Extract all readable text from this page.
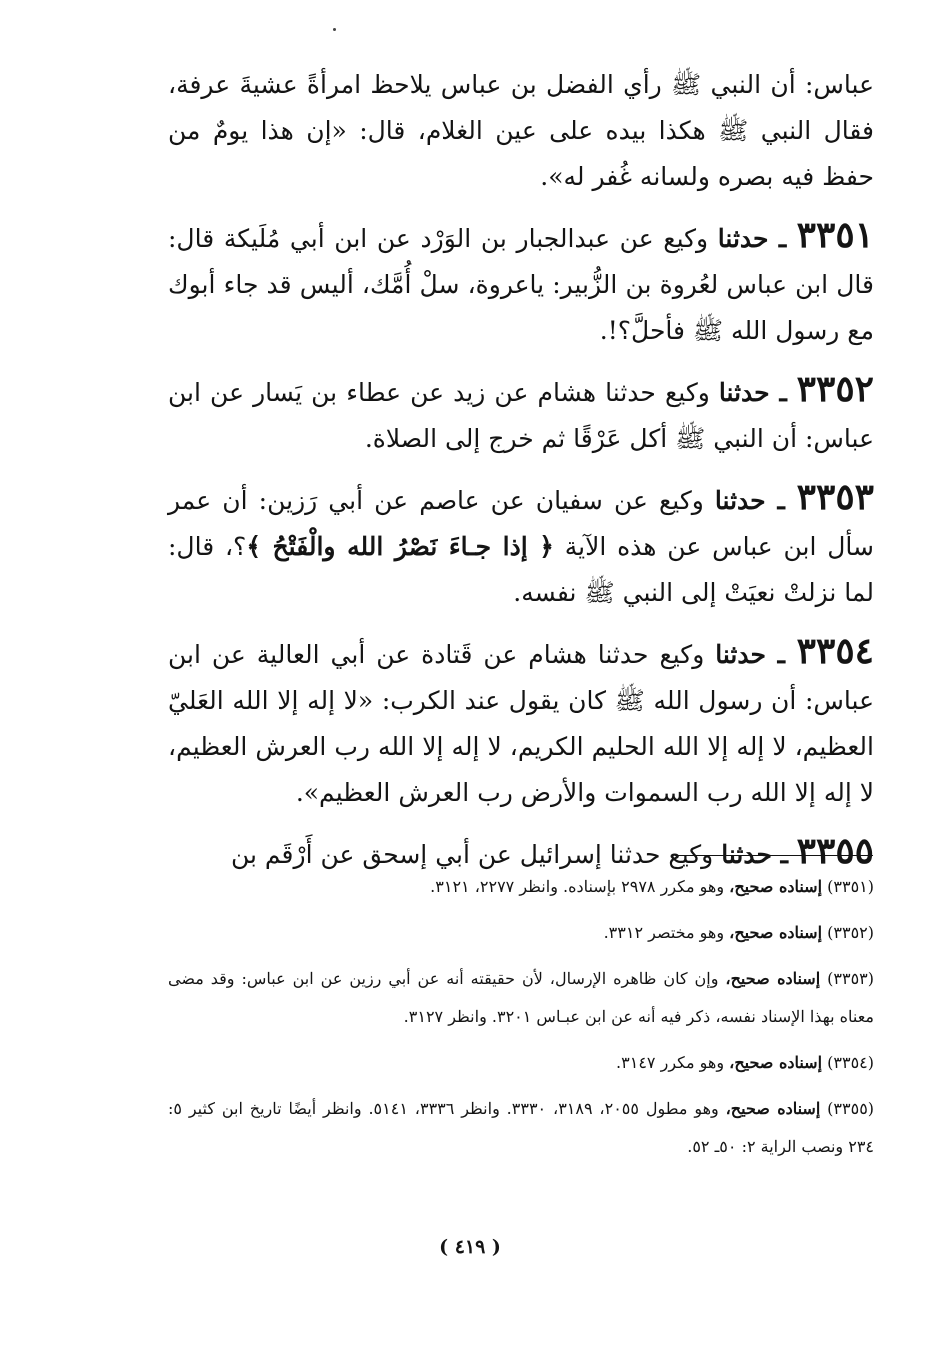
عباس: أن النبي ﷺ رأي الفضل بن عباس يلاحظ امرأةً عشيةَ عرفة، فقال النبي ﷺ هكذا بيده على عين الغلام، قال: «إن هذا يومٌ من حفظ فيه بصره ولسانه غُفر له».

٣٣٥١ ـ حدثنا وكيع عن عبدالجبار بن الوَرْد عن ابن أبي مُلَيكة قال: قال ابن عباس لعُروة بن الزُّبير: ياعروة، سلْ أُمَّك، أليس قد جاء أبوك مع رسول الله ﷺ فأحلَّ؟!.

٣٣٥٢ ـ حدثنا وكيع حدثنا هشام عن زيد عن عطاء بن يَسار عن ابن عباس: أن النبي ﷺ أكل عَرْقًا ثم خرج إلى الصلاة.

٣٣٥٣ ـ حدثنا وكيع عن سفيان عن عاصم عن أبي رَزين: أن عمر سأل ابن عباس عن هذه الآية ﴿ إذا جـاءَ نَصْرُ الله والْفَتْحُ ﴾؟، قال: لما نزلتْ نعيَتْ إلى النبي ﷺ نفسه.

٣٣٥٤ ـ حدثنا وكيع حدثنا هشام عن قَتادة عن أبي العالية عن ابن عباس: أن رسول الله ﷺ كان يقول عند الكرب: «لا إله إلا الله العَليّ العظيم، لا إله إلا الله الحليم الكريم، لا إله إلا الله رب العرش العظيم، لا إله إلا الله رب السموات والأرض رب العرش العظيم».

٣٣٥٥ ـ حدثنا وكيع حدثنا إسرائيل عن أبي إسحق عن أَرْقَم بن

(٣٣٥١) إسناده صحيح، وهو مكرر ٢٩٧٨ بإسناده. وانظر ٢٢٧٧، ٣١٢١.

(٣٣٥٢) إسناده صحيح، وهو مختصر ٣٣١٢.

(٣٣٥٣) إسناده صحيح، وإن كان ظاهره الإرسال، لأن حقيقته أنه عن أبي رزين عن ابن عباس: وقد مضى معناه بهذا الإسناد نفسه، ذكر فيه أنه عن ابن عبـاس ٣٢٠١. وانظر ٣١٢٧.

(٣٣٥٤) إسناده صحيح، وهو مكرر ٣١٤٧.

(٣٣٥٥) إسناده صحيح، وهو مطول ٢٠٥٥، ٣١٨٩، ٣٣٣٠. وانظر ٣٣٣٦، ٥١٤١. وانظر أيضًا تاريخ ابن كثير ٥: ٢٣٤ ونصب الراية ٢: ٥٠ـ ٥٢.

( ٤١٩ )
